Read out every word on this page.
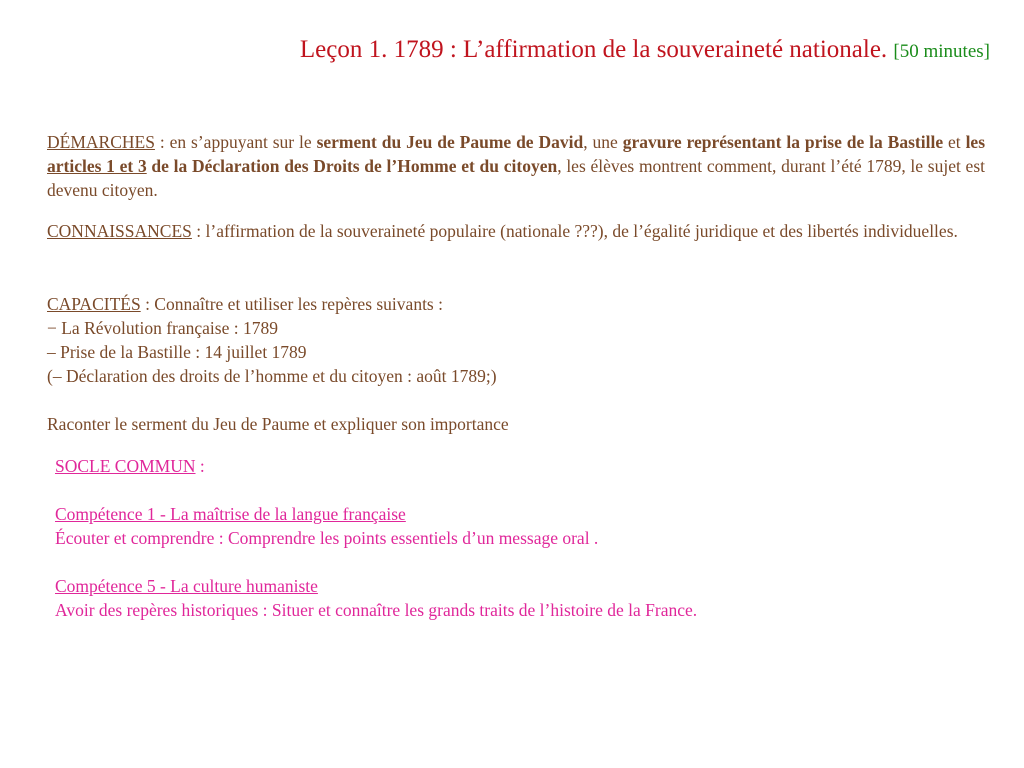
Leçon 1. 1789 : L’affirmation de la souveraineté nationale. [50 minutes]
DÉMARCHES : en s’appuyant sur le serment du Jeu de Paume de David, une gravure représentant la prise de la Bastille et les articles 1 et 3 de la Déclaration des Droits de l’Homme et du citoyen, les élèves montrent comment, durant l’été 1789, le sujet est devenu citoyen.
CONNAISSANCES : l’affirmation de la souveraineté populaire (nationale ???), de l’égalité juridique et des libertés individuelles.

CAPACITÉS : Connaître et utiliser les repères suivants :

− La Révolution française : 1789

– Prise de la Bastille : 14 juillet 1789

(– Déclaration des droits de l’homme et du citoyen : août 1789;)

Raconter le serment du Jeu de Paume et expliquer son importance

SOCLE COMMUN :

Compétence 1 - La maîtrise de la langue française

Écouter et comprendre : Comprendre les points essentiels d’un message oral .

Compétence 5 - La culture humaniste

Avoir des repères historiques : Situer et connaître les grands traits de l’histoire de la France.
